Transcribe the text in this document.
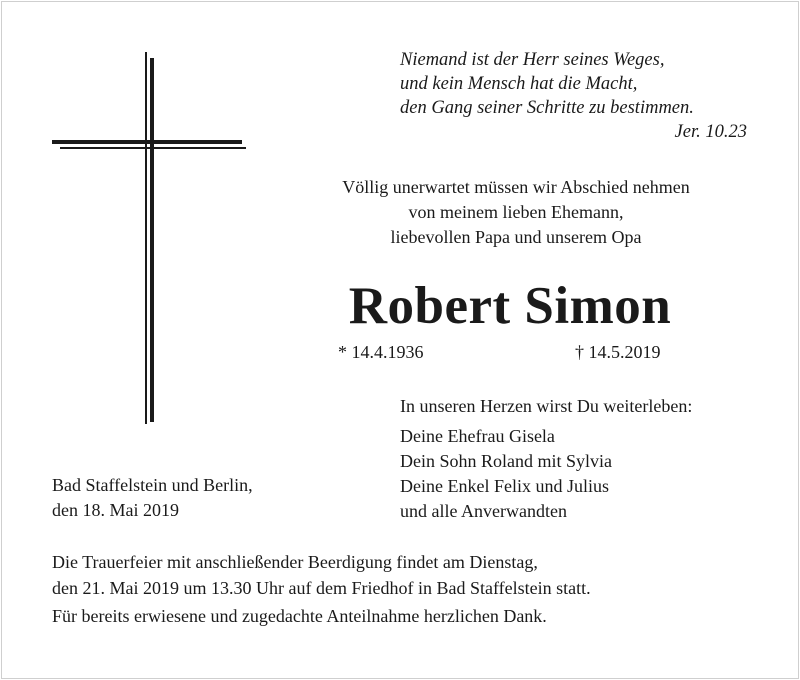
Niemand ist der Herr seines Weges,
und kein Mensch hat die Macht,
den Gang seiner Schritte zu bestimmen.
Jer. 10.23
Völlig unerwartet müssen wir Abschied nehmen
von meinem lieben Ehemann,
liebevollen Papa und unserem Opa
Robert Simon
* 14.4.1936	† 14.5.2019
In unseren Herzen wirst Du weiterleben:
Deine Ehefrau Gisela
Dein Sohn Roland mit Sylvia
Deine Enkel Felix und Julius
und alle Anverwandten
Bad Staffelstein und Berlin,
den 18. Mai 2019
Die Trauerfeier mit anschließender Beerdigung findet am Dienstag,
den 21. Mai 2019 um 13.30 Uhr auf dem Friedhof in Bad Staffelstein statt.
Für bereits erwiesene und zugedachte Anteilnahme herzlichen Dank.
